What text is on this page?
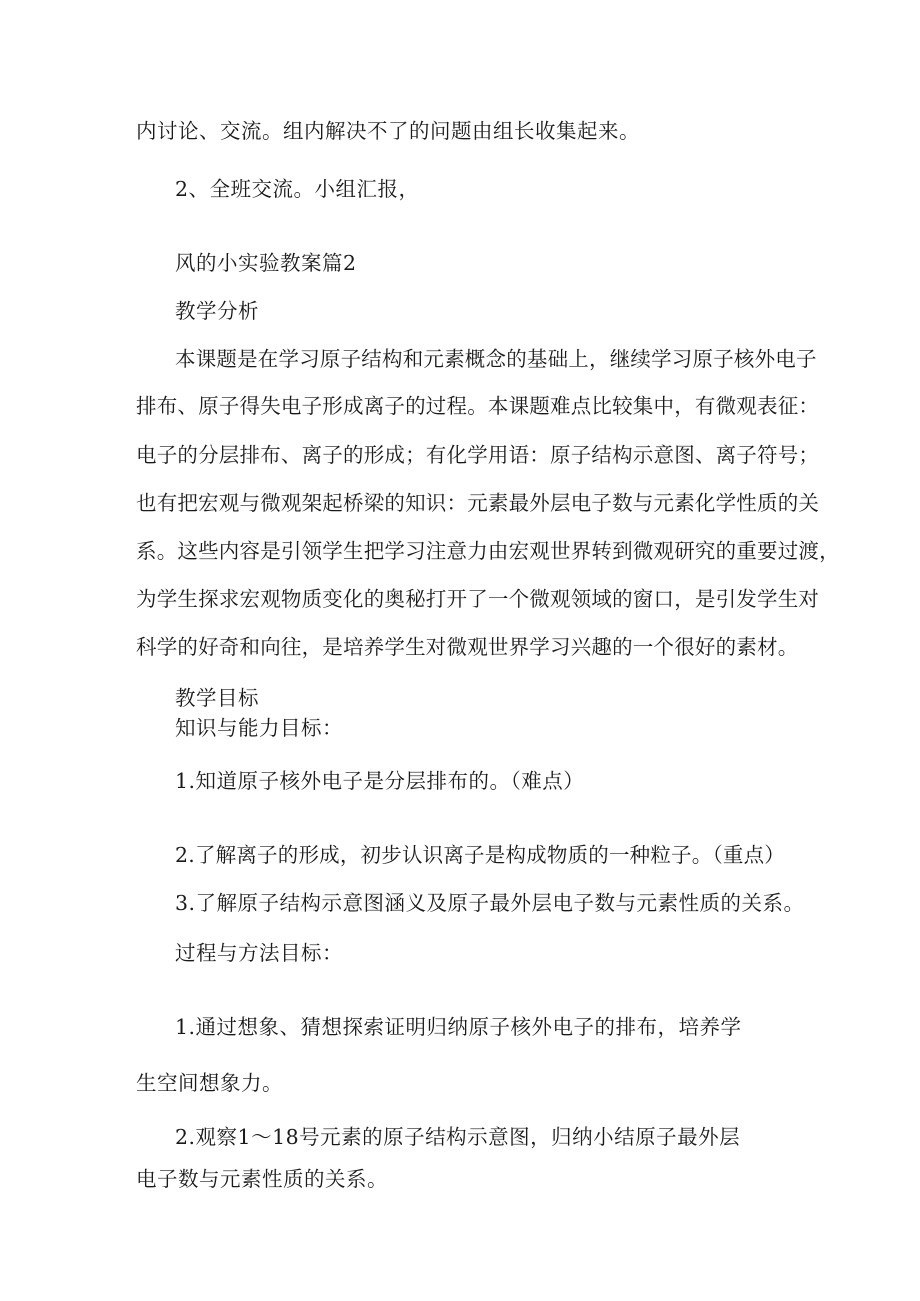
内讨论、交流。组内解决不了的问题由组长收集起来。
2、全班交流。小组汇报，
风的小实验教案篇2
教学分析
本课题是在学习原子结构和元素概念的基础上，继续学习原子核外电子
排布、原子得失电子形成离子的过程。本课题难点比较集中，有微观表征：
电子的分层排布、离子的形成；有化学用语：原子结构示意图、离子符号；
也有把宏观与微观架起桥梁的知识：元素最外层电子数与元素化学性质的关
系。这些内容是引领学生把学习注意力由宏观世界转到微观研究的重要过渡，
为学生探求宏观物质变化的奥秘打开了一个微观领域的窗口，是引发学生对
科学的好奇和向往，是培养学生对微观世界学习兴趣的一个很好的素材。
教学目标
知识与能力目标：
1.知道原子核外电子是分层排布的。（难点）
2.了解离子的形成，初步认识离子是构成物质的一种粒子。（重点）
3.了解原子结构示意图涵义及原子最外层电子数与元素性质的关系。
过程与方法目标：
1.通过想象、猜想探索证明归纳原子核外电子的排布，培养学
生空间想象力。
2.观察1～18号元素的原子结构示意图，归纳小结原子最外层
电子数与元素性质的关系。
